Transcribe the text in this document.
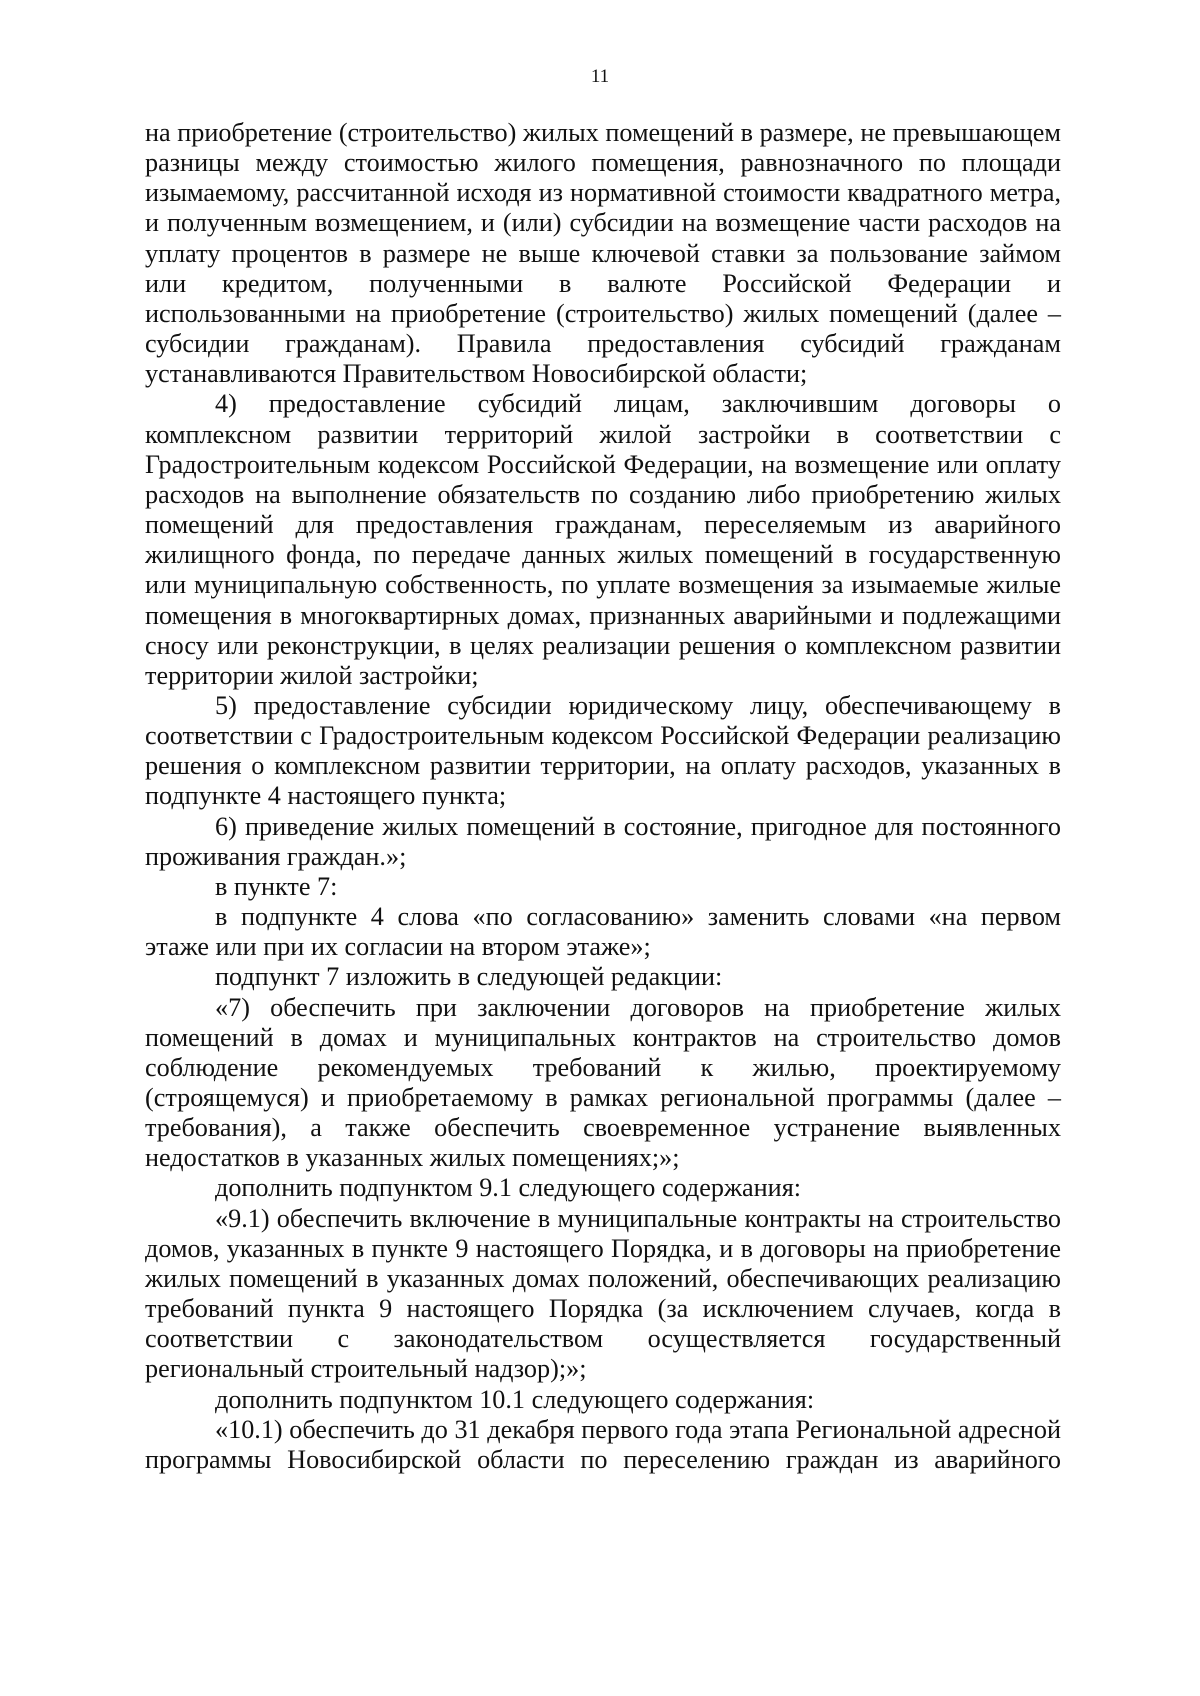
11

на приобретение (строительство) жилых помещений в размере, не превышающем разницы между стоимостью жилого помещения, равнозначного по площади изымаемому, рассчитанной исходя из нормативной стоимости квадратного метра, и полученным возмещением, и (или) субсидии на возмещение части расходов на уплату процентов в размере не выше ключевой ставки за пользование займом или кредитом, полученными в валюте Российской Федерации и использованными на приобретение (строительство) жилых помещений (далее – субсидии гражданам). Правила предоставления субсидий гражданам устанавливаются Правительством Новосибирской области;

4) предоставление субсидий лицам, заключившим договоры о комплексном развитии территорий жилой застройки в соответствии с Градостроительным кодексом Российской Федерации, на возмещение или оплату расходов на выполнение обязательств по созданию либо приобретению жилых помещений для предоставления гражданам, переселяемым из аварийного жилищного фонда, по передаче данных жилых помещений в государственную или муниципальную собственность, по уплате возмещения за изымаемые жилые помещения в многоквартирных домах, признанных аварийными и подлежащими сносу или реконструкции, в целях реализации решения о комплексном развитии территории жилой застройки;

5) предоставление субсидии юридическому лицу, обеспечивающему в соответствии с Градостроительным кодексом Российской Федерации реализацию решения о комплексном развитии территории, на оплату расходов, указанных в подпункте 4 настоящего пункта;

6) приведение жилых помещений в состояние, пригодное для постоянного проживания граждан.»;

в пункте 7:

в подпункте 4 слова «по согласованию» заменить словами «на первом этаже или при их согласии на втором этаже»;

подпункт 7 изложить в следующей редакции:

«7) обеспечить при заключении договоров на приобретение жилых помещений в домах и муниципальных контрактов на строительство домов соблюдение рекомендуемых требований к жилью, проектируемому (строящемуся) и приобретаемому в рамках региональной программы (далее – требования), а также обеспечить своевременное устранение выявленных недостатков в указанных жилых помещениях;»;

дополнить подпунктом 9.1 следующего содержания:

«9.1) обеспечить включение в муниципальные контракты на строительство домов, указанных в пункте 9 настоящего Порядка, и в договоры на приобретение жилых помещений в указанных домах положений, обеспечивающих реализацию требований пункта 9 настоящего Порядка (за исключением случаев, когда в соответствии с законодательством осуществляется государственный региональный строительный надзор);»;

дополнить подпунктом 10.1 следующего содержания:

«10.1) обеспечить до 31 декабря первого года этапа Региональной адресной программы Новосибирской области по переселению граждан из аварийного
